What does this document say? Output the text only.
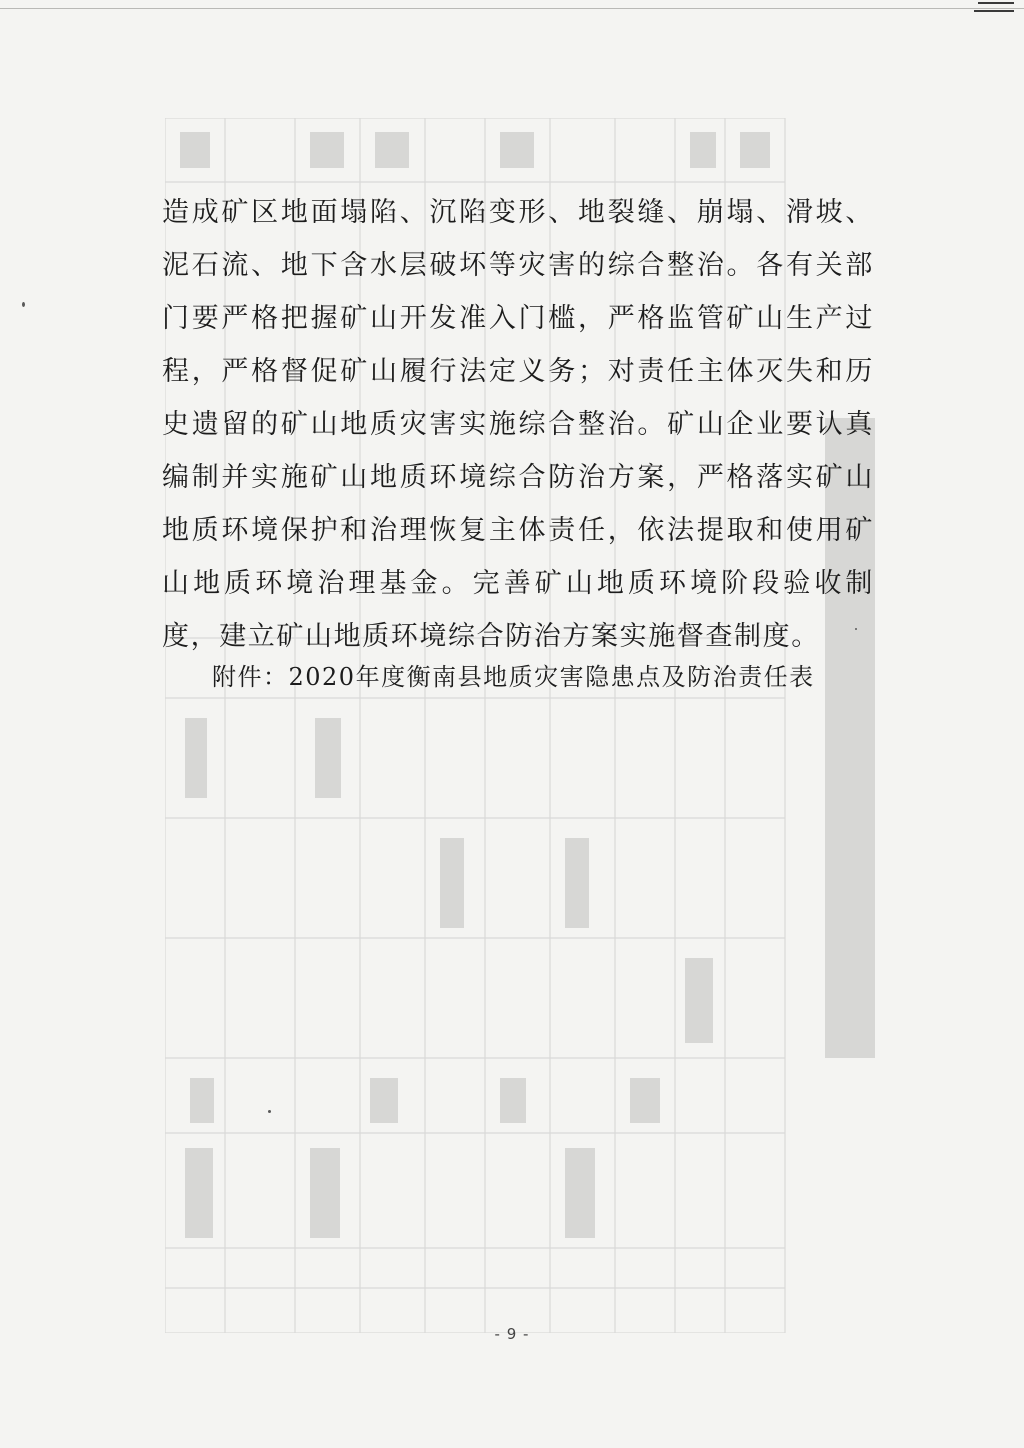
造成矿区地面塌陷、沉陷变形、地裂缝、崩塌、滑坡、泥石流、地下含水层破坏等灾害的综合整治。各有关部门要严格把握矿山开发准入门槛，严格监管矿山生产过程，严格督促矿山履行法定义务；对责任主体灭失和历史遗留的矿山地质灾害实施综合整治。矿山企业要认真编制并实施矿山地质环境综合防治方案，严格落实矿山地质环境保护和治理恢复主体责任，依法提取和使用矿山地质环境治理基金。完善矿山地质环境阶段验收制度，建立矿山地质环境综合防治方案实施督查制度。

附件：2020年度衡南县地质灾害隐患点及防治责任表
- 9 -
